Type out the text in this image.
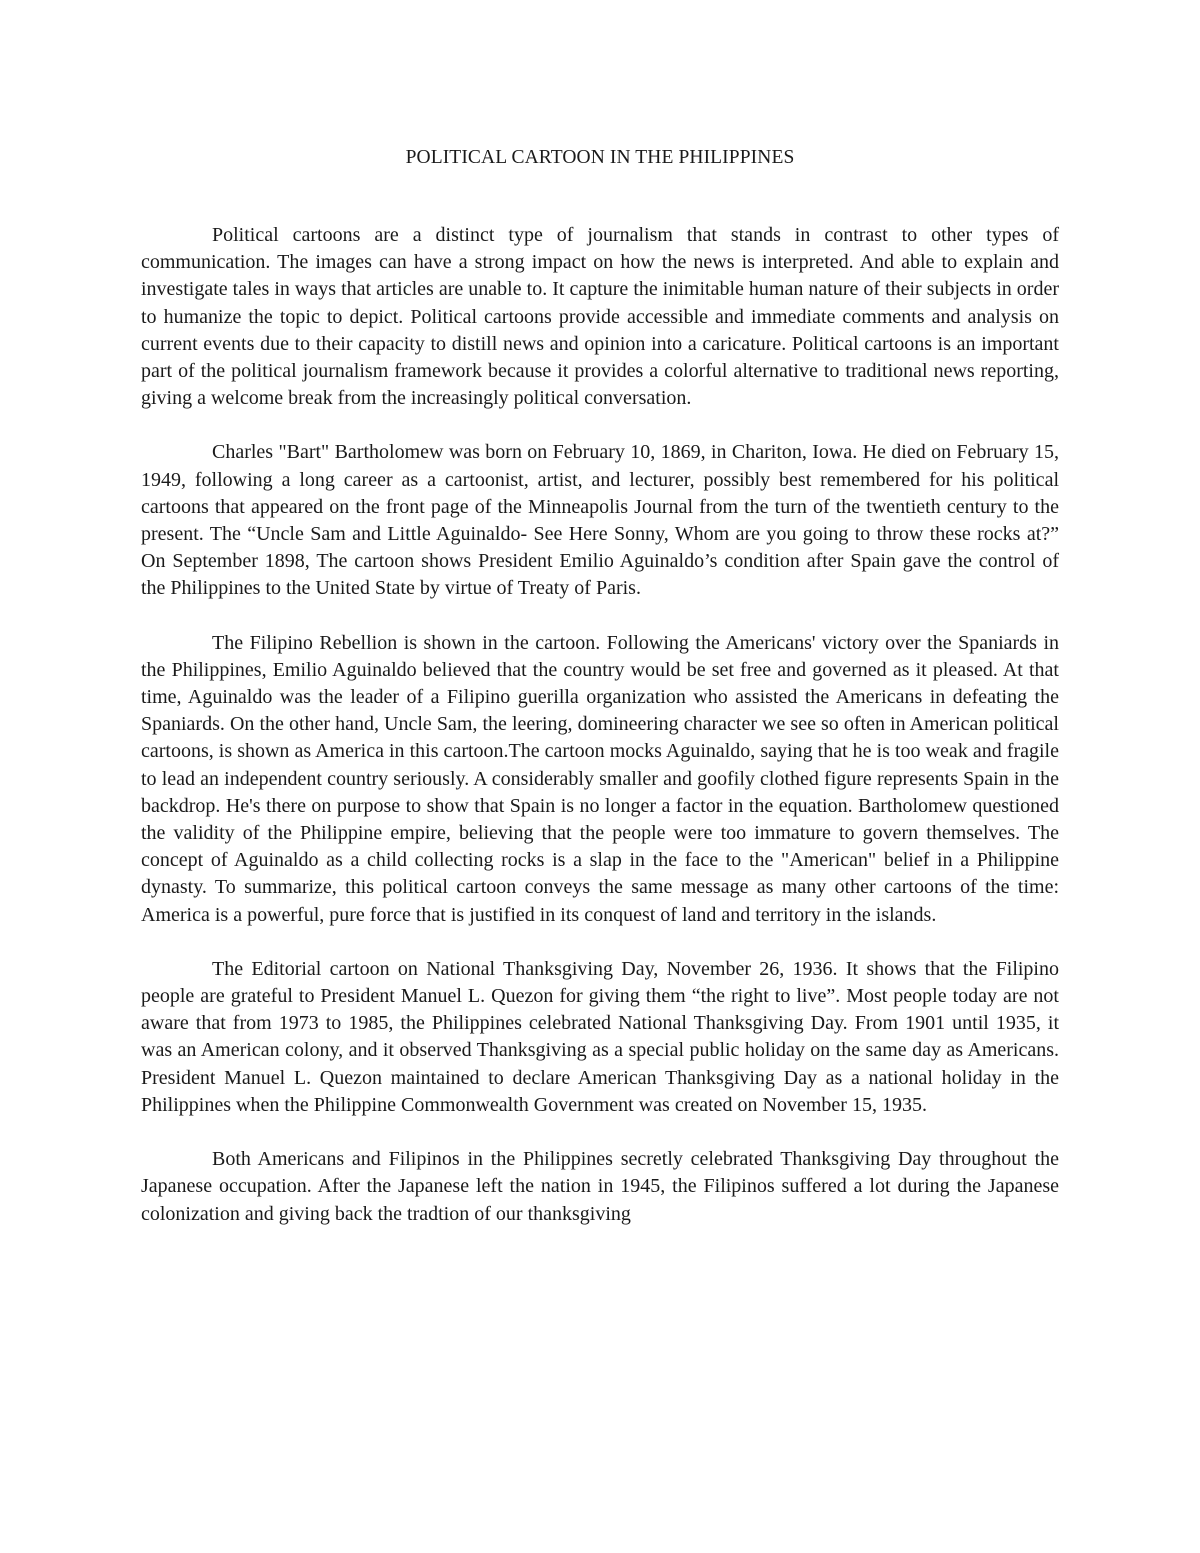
POLITICAL CARTOON IN THE PHILIPPINES

Political cartoons are a distinct type of journalism that stands in contrast to other types of communication. The images can have a strong impact on how the news is interpreted. And able to explain and investigate tales in ways that articles are unable to. It capture the inimitable human nature of their subjects in order to humanize the topic to depict. Political cartoons provide accessible and immediate comments and analysis on current events due to their capacity to distill news and opinion into a caricature. Political cartoons is an important part of the political journalism framework because it provides a colorful alternative to traditional news reporting, giving a welcome break from the increasingly political conversation.

Charles "Bart" Bartholomew was born on February 10, 1869, in Chariton, Iowa. He died on February 15, 1949, following a long career as a cartoonist, artist, and lecturer, possibly best remembered for his political cartoons that appeared on the front page of the Minneapolis Journal from the turn of the twentieth century to the present. The “Uncle Sam and Little Aguinaldo- See Here Sonny, Whom are you going to throw these rocks at?” On September 1898, The cartoon shows President Emilio Aguinaldo’s condition after Spain gave the control of the Philippines to the United State by virtue of Treaty of Paris.

The Filipino Rebellion is shown in the cartoon. Following the Americans' victory over the Spaniards in the Philippines, Emilio Aguinaldo believed that the country would be set free and governed as it pleased. At that time, Aguinaldo was the leader of a Filipino guerilla organization who assisted the Americans in defeating the Spaniards. On the other hand, Uncle Sam, the leering, domineering character we see so often in American political cartoons, is shown as America in this cartoon.The cartoon mocks Aguinaldo, saying that he is too weak and fragile to lead an independent country seriously. A considerably smaller and goofily clothed figure represents Spain in the backdrop. He's there on purpose to show that Spain is no longer a factor in the equation. Bartholomew questioned the validity of the Philippine empire, believing that the people were too immature to govern themselves. The concept of Aguinaldo as a child collecting rocks is a slap in the face to the "American" belief in a Philippine dynasty. To summarize, this political cartoon conveys the same message as many other cartoons of the time: America is a powerful, pure force that is justified in its conquest of land and territory in the islands.

The Editorial cartoon on National Thanksgiving Day, November 26, 1936. It shows that the Filipino people are grateful to President Manuel L. Quezon for giving them “the right to live”. Most people today are not aware that from 1973 to 1985, the Philippines celebrated National Thanksgiving Day. From 1901 until 1935, it was an American colony, and it observed Thanksgiving as a special public holiday on the same day as Americans. President Manuel L. Quezon maintained to declare American Thanksgiving Day as a national holiday in the Philippines when the Philippine Commonwealth Government was created on November 15, 1935.

Both Americans and Filipinos in the Philippines secretly celebrated Thanksgiving Day throughout the Japanese occupation. After the Japanese left the nation in 1945, the Filipinos suffered a lot during the Japanese colonization and giving back the tradtion of our thanksgiving
